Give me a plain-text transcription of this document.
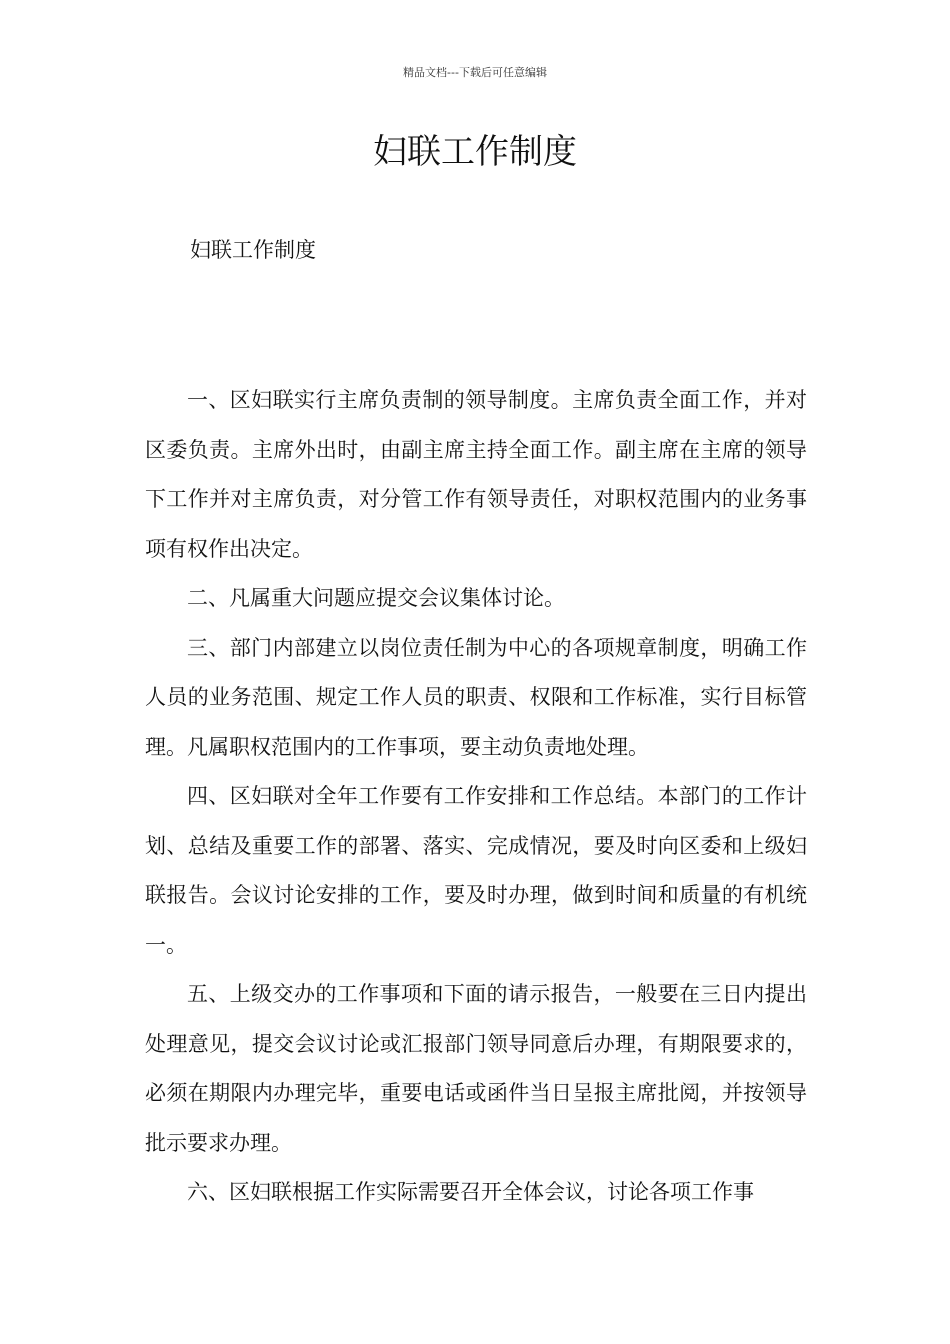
精品文档---下载后可任意编辑
妇联工作制度
妇联工作制度

一、区妇联实行主席负责制的领导制度。主席负责全面工作，并对区委负责。主席外出时，由副主席主持全面工作。副主席在主席的领导下工作并对主席负责，对分管工作有领导责任，对职权范围内的业务事项有权作出决定。

二、凡属重大问题应提交会议集体讨论。

三、部门内部建立以岗位责任制为中心的各项规章制度，明确工作人员的业务范围、规定工作人员的职责、权限和工作标准，实行目标管理。凡属职权范围内的工作事项，要主动负责地处理。

四、区妇联对全年工作要有工作安排和工作总结。本部门的工作计划、总结及重要工作的部署、落实、完成情况，要及时向区委和上级妇联报告。会议讨论安排的工作，要及时办理，做到时间和质量的有机统一。

五、上级交办的工作事项和下面的请示报告，一般要在三日内提出处理意见，提交会议讨论或汇报部门领导同意后办理，有期限要求的，必须在期限内办理完毕，重要电话或函件当日呈报主席批阅，并按领导批示要求办理。

六、区妇联根据工作实际需要召开全体会议，讨论各项工作事
